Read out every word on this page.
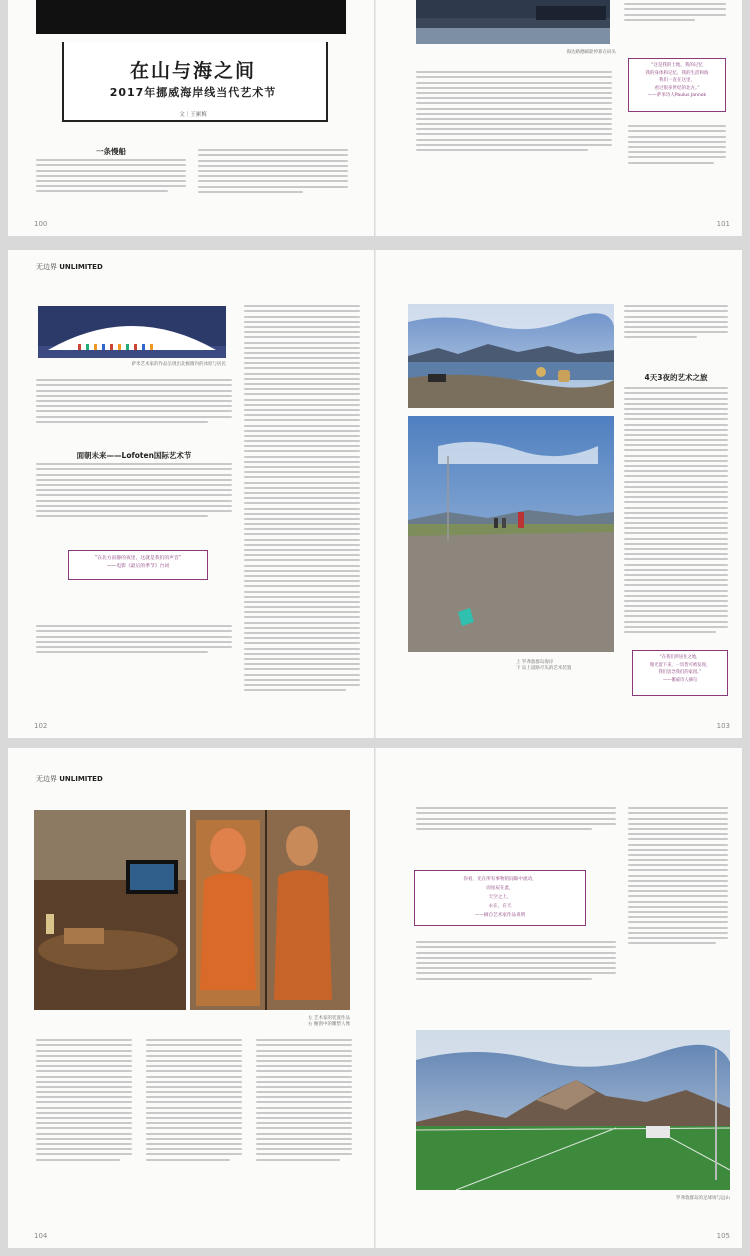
在山与海之间
2017年挪威海岸线当代艺术节
文｜王累梅
一条慢船
100
海达路德邮轮停靠在码头
“这是我的土地，我的记忆
我的身体和记忆，我的生活和海
我们一直在这里，
看过很多世纪的北方。”
——萨米诗人Paulus Jannok
101
无边界 UNLIMITED
萨米艺术家的作品呈现出北极圈内的冰原与居民
面朝未来——Lofoten国际艺术节
“在北方寂静的夜里，这就是我们的声音”
——电影《最后的季节》台词
102
上 罗弗敦群岛海岸
下 岛上道路尽头的艺术装置
4天3夜的艺术之旅
“在我们所居住之地，
微光留下来，一切皆可被发现。
我们思念我们的家园。”
——挪威诗人摘句
103
无边界 UNLIMITED
左 艺术家的装置作品
右 橱窗中的雕塑人像
104
你看，光在所有事物的间隙中流动，
而星辰在此，
天空之上，
永在，在天
——摘自艺术家作品说明
罗弗敦群岛的足球场与远山
105
